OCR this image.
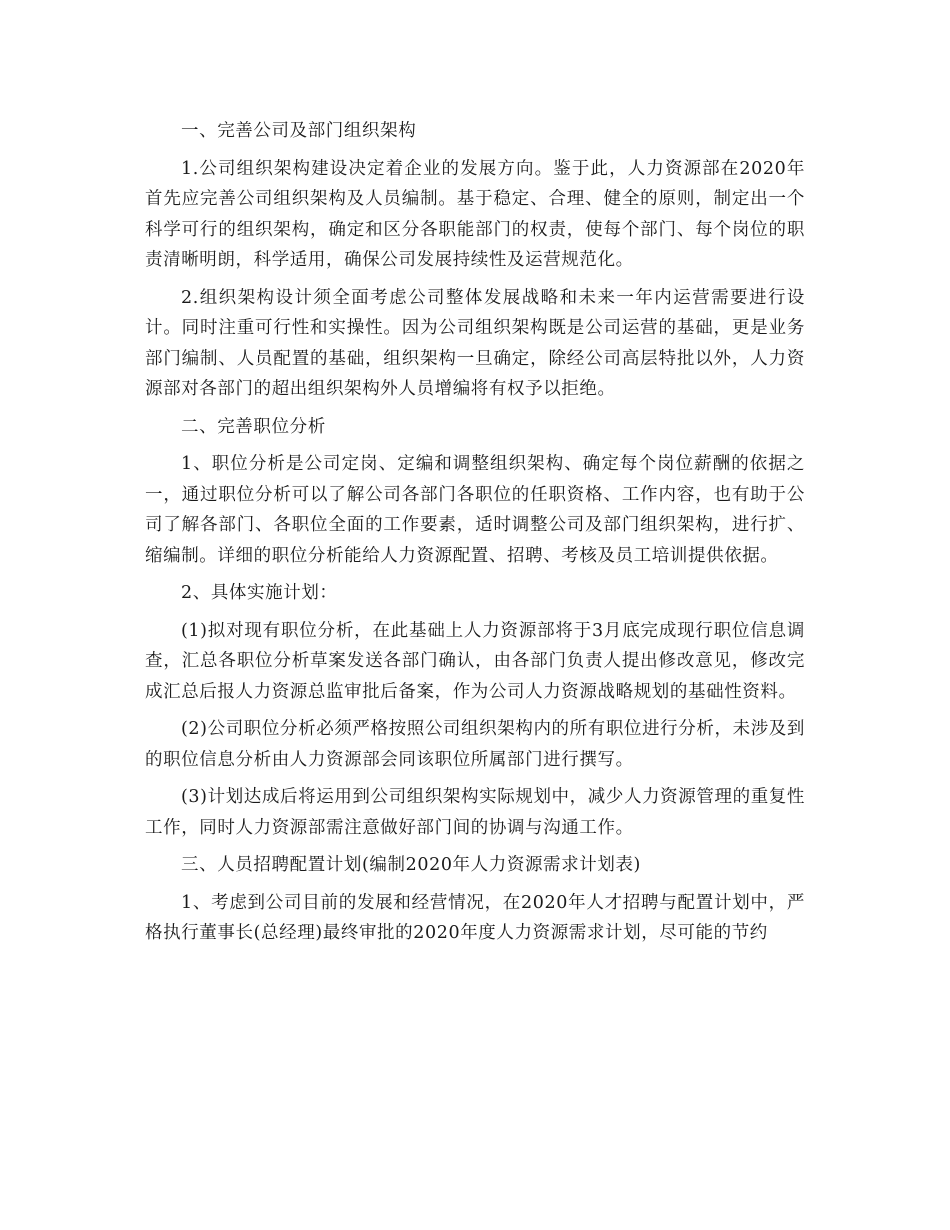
一、完善公司及部门组织架构

1.公司组织架构建设决定着企业的发展方向。鉴于此，人力资源部在2020年首先应完善公司组织架构及人员编制。基于稳定、合理、健全的原则，制定出一个科学可行的组织架构，确定和区分各职能部门的权责，使每个部门、每个岗位的职责清晰明朗，科学适用，确保公司发展持续性及运营规范化。

2.组织架构设计须全面考虑公司整体发展战略和未来一年内运营需要进行设计。同时注重可行性和实操性。因为公司组织架构既是公司运营的基础，更是业务部门编制、人员配置的基础，组织架构一旦确定，除经公司高层特批以外，人力资源部对各部门的超出组织架构外人员增编将有权予以拒绝。

二、完善职位分析

1、职位分析是公司定岗、定编和调整组织架构、确定每个岗位薪酬的依据之一，通过职位分析可以了解公司各部门各职位的任职资格、工作内容，也有助于公司了解各部门、各职位全面的工作要素，适时调整公司及部门组织架构，进行扩、缩编制。详细的职位分析能给人力资源配置、招聘、考核及员工培训提供依据。

2、具体实施计划：

(1)拟对现有职位分析，在此基础上人力资源部将于3月底完成现行职位信息调查，汇总各职位分析草案发送各部门确认，由各部门负责人提出修改意见，修改完成汇总后报人力资源总监审批后备案，作为公司人力资源战略规划的基础性资料。

(2)公司职位分析必须严格按照公司组织架构内的所有职位进行分析，未涉及到的职位信息分析由人力资源部会同该职位所属部门进行撰写。

(3)计划达成后将运用到公司组织架构实际规划中，减少人力资源管理的重复性工作，同时人力资源部需注意做好部门间的协调与沟通工作。

三、人员招聘配置计划(编制2020年人力资源需求计划表)

1、考虑到公司目前的发展和经营情况，在2020年人才招聘与配置计划中，严格执行董事长(总经理)最终审批的2020年度人力资源需求计划，尽可能的节约
